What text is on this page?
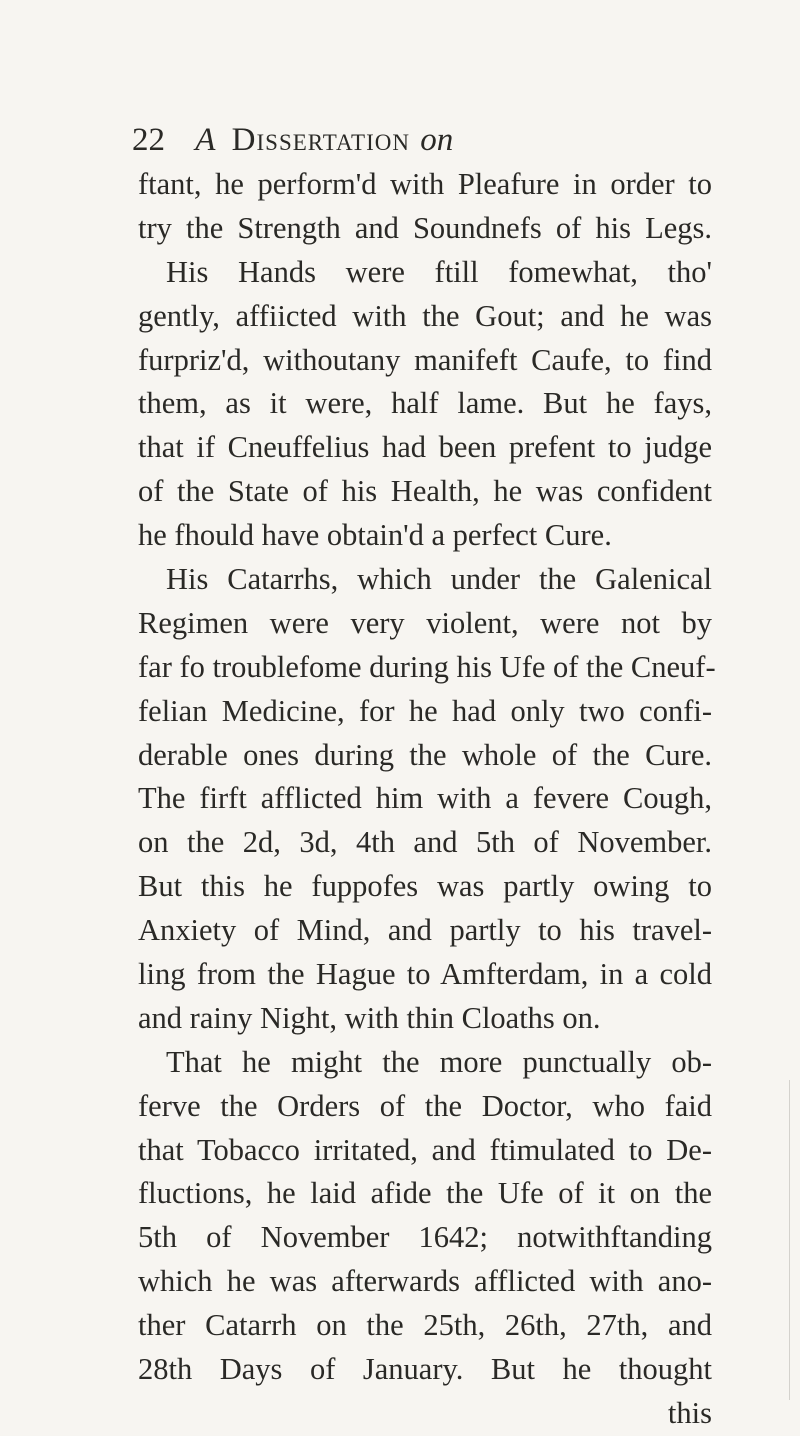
22 A Dissertation on
ftant, he perform'd with Pleafure in order to
try the Strength and Soundnefs of his Legs.
His Hands were ftill fomewhat, tho'
gently, affiicted with the Gout; and he was
furpriz'd, withoutany manifeft Caufe, to find
them, as it were, half lame. But he fays,
that if Cneuffelius had been prefent to judge
of the State of his Health, he was confident
he fhould have obtain'd a perfect Cure.
His Catarrhs, which under the Galenical
Regimen were very violent, were not by
far fo troublefome during his Ufe of the Cneuf-
felian Medicine, for he had only two confi-
derable ones during the whole of the Cure.
The firft afflicted him with a fevere Cough,
on the 2d, 3d, 4th and 5th of November.
But this he fuppofes was partly owing to
Anxiety of Mind, and partly to his travel-
ling from the Hague to Amfterdam, in a cold
and rainy Night, with thin Cloaths on.
That he might the more punctually ob-
ferve the Orders of the Doctor, who faid
that Tobacco irritated, and ftimulated to De-
fluctions, he laid afide the Ufe of it on the
5th of November 1642; notwithftanding
which he was afterwards afflicted with ano-
ther Catarrh on the 25th, 26th, 27th, and
28th Days of January. But he thought
this
